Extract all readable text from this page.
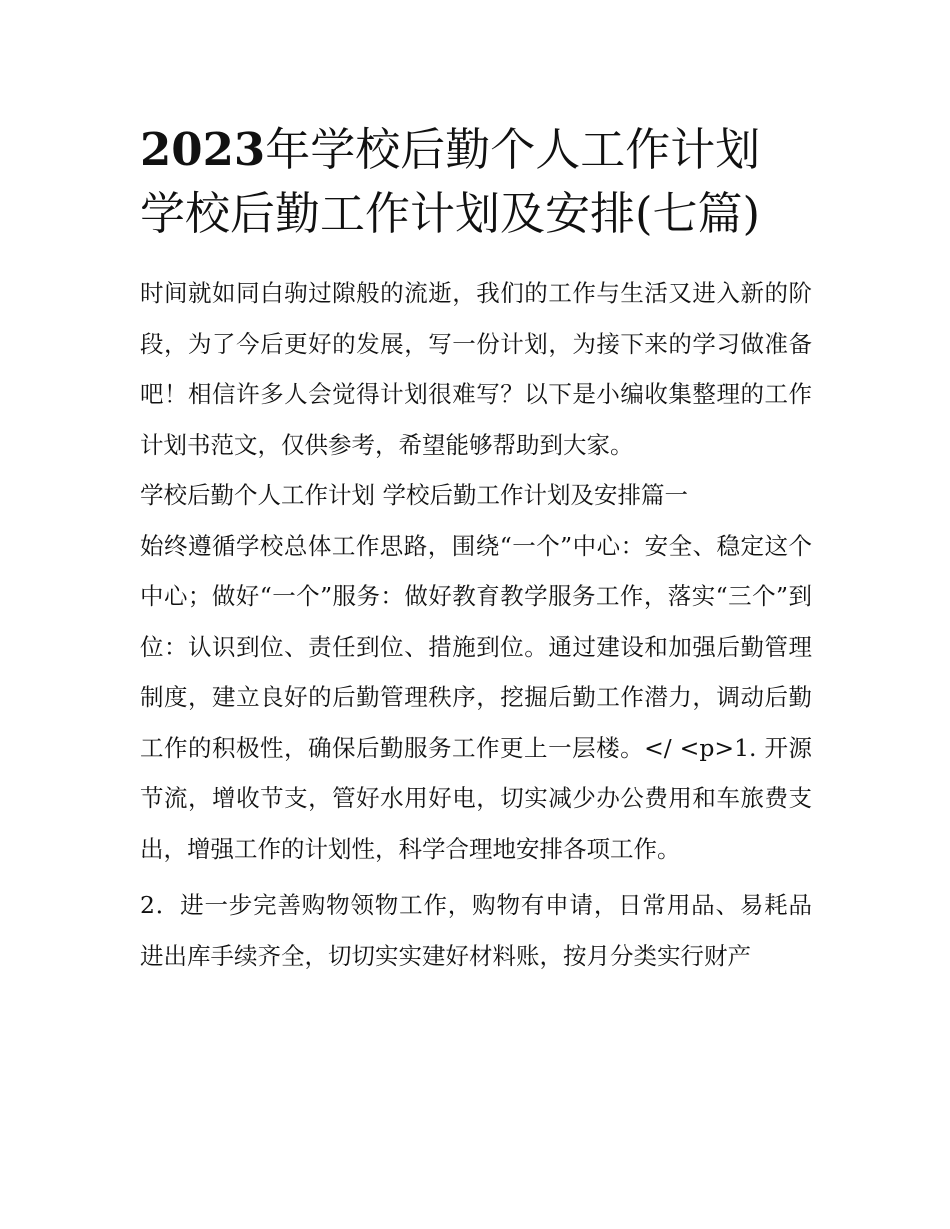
2023年学校后勤个人工作计划 学校后勤工作计划及安排(七篇)

时间就如同白驹过隙般的流逝，我们的工作与生活又进入新的阶段，为了今后更好的发展，写一份计划，为接下来的学习做准备吧！相信许多人会觉得计划很难写？以下是小编收集整理的工作计划书范文，仅供参考，希望能够帮助到大家。

学校后勤个人工作计划 学校后勤工作计划及安排篇一

始终遵循学校总体工作思路，围绕“一个”中心：安全、稳定这个中心；做好“一个”服务：做好教育教学服务工作，落实“三个”到位：认识到位、责任到位、措施到位。通过建设和加强后勤管理制度，建立良好的后勤管理秩序，挖掘后勤工作潜力，调动后勤工作的积极性，确保后勤服务工作更上一层楼。</ <p>1. 开源节流，增收节支，管好水用好电，切实减少办公费用和车旅费支出，增强工作的计划性，科学合理地安排各项工作。

2．进一步完善购物领物工作，购物有申请，日常用品、易耗品进出库手续齐全，切切实实建好材料账，按月分类实行财产
